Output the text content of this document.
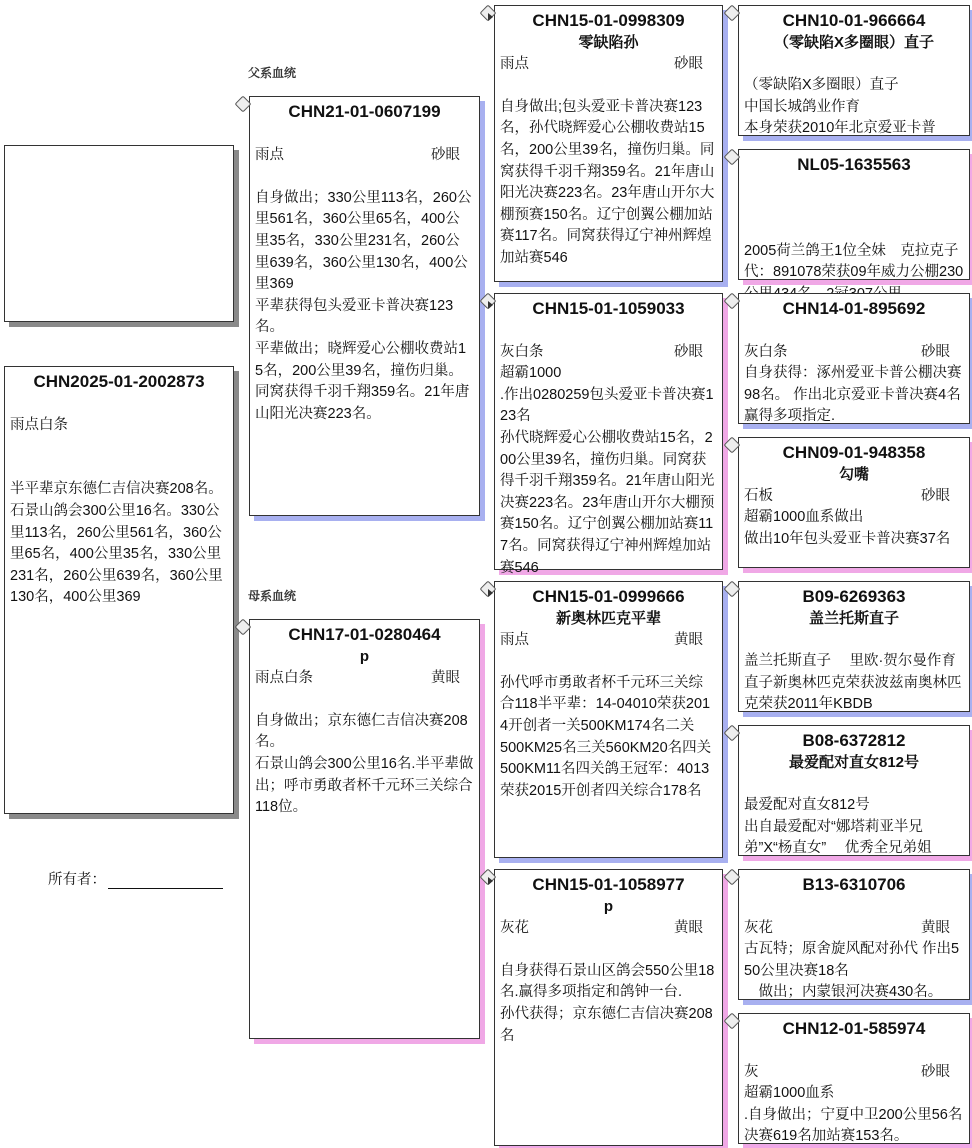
父系血统
母系血统
所有者：
CHN2025-01-2002873
雨点白条
半平辈京东德仁吉信决赛208名。石景山鸽会300公里16名。330公里113名，260公里561名，360公里65名，400公里35名，330公里231名，260公里639名，360公里130名，400公里369
CHN21-01-0607199
雨点	砂眼
自身做出；330公里113名，260公里561名，360公里65名，400公里35名，330公里231名，260公里639名，360公里130名，400公里369
平辈获得包头爱亚卡普决赛123名。
平辈做出；晓辉爱心公棚收费站15名，200公里39名，撞伤归巢。同窝获得千羽千翔359名。21年唐山阳光决赛223名。
CHN17-01-0280464
p
雨点白条	黄眼
自身做出；京东德仁吉信决赛208名。
石景山鸽会300公里16名.半平辈做出；呼市勇敢者杯千元环三关综合118位。
CHN15-01-0998309
零缺陷孙
雨点	砂眼
自身做出;包头爱亚卡普决赛123名，孙代晓辉爱心公棚收费站15名，200公里39名，撞伤归巢。同窝获得千羽千翔359名。21年唐山阳光决赛223名。23年唐山开尔大棚预赛150名。辽宁创翼公棚加站赛117名。同窝获得辽宁神州辉煌加站赛546
CHN15-01-1059033
灰白条	砂眼
超霸1000
.作出0280259包头爱亚卡普决赛123名
孙代晓辉爱心公棚收费站15名，200公里39名，撞伤归巢。同窝获得千羽千翔359名。21年唐山阳光决赛223名。23年唐山开尔大棚预赛150名。辽宁创翼公棚加站赛117名。同窝获得辽宁神州辉煌加站赛546
CHN15-01-0999666
新奥林匹克平辈
雨点	黄眼
孙代呼市勇敢者杯千元环三关综合118半平辈：14-04010荣获2014开创者一关500KM174名二关
500KM25名三关560KM20名四关
500KM11名四关鸽王冠军：4013荣获2015开创者四关综合178名
CHN15-01-1058977
p
灰花	黄眼
自身获得石景山区鸽会550公里18名.赢得多项指定和鸽钟一台.
孙代获得；京东德仁吉信决赛208名
CHN10-01-966664
（零缺陷X多圈眼）直子
（零缺陷X多圈眼）直子
中国长城鸽业作育
本身荣获2010年北京爱亚卡普
NL05-1635563
2005荷兰鸽王1位全妹　克拉克子代：891078荣获09年威力公棚230
CHN14-01-895692
灰白条	砂眼
自身获得：涿州爱亚卡普公棚决赛98名。 作出北京爱亚卡普决赛4名 赢得多项指定.
CHN09-01-948358
勾嘴
石板	砂眼
超霸1000血系做出
做出10年包头爱亚卡普决赛37名
B09-6269363
盖兰托斯直子
盖兰托斯直子　 里欧·贺尔曼作育直子新奥林匹克荣获波兹南奥林匹克荣获2011年KBDB
B08-6372812
最爱配对直女812号
最爱配对直女812号
出自最爱配对“娜塔莉亚半兄弟”X“杨直女”　 优秀全兄弟姐
B13-6310706
灰花	黄眼
古瓦特；原舍旋风配对孙代 作出550公里决赛18名
　做出；内蒙银河决赛430名。
CHN12-01-585974
灰	砂眼
超霸1000血系
.自身做出；宁夏中卫200公里56名决赛619名加站赛153名。
